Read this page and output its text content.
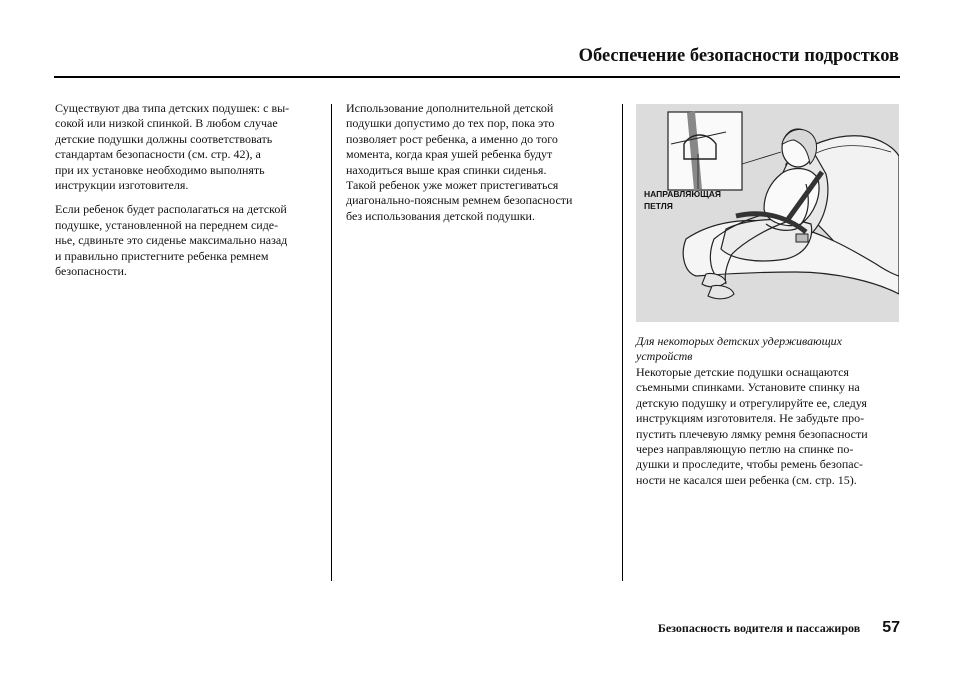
Обеспечение безопасности подростков

Существуют два типа детских подушек: с вы-
сокой или низкой спинкой. В любом случае
детские подушки должны соответствовать
стандартам безопасности (см. стр. 42), а
при их установке необходимо выполнять
инструкции изготовителя.

Если ребенок будет располагаться на детской
подушке, установленной на переднем сиде-
нье, сдвиньте это сиденье максимально назад
и правильно пристегните ребенка ремнем
безопасности.

Использование дополнительной детской
подушки допустимо до тех пор, пока это
позволяет рост ребенка, а именно до того
момента, когда края ушей ребенка будут
находиться выше края спинки сиденья.
Такой ребенок уже может пристегиваться
диагонально-поясным ремнем безопасности
без использования детской подушки.

НАПРАВЛЯЮЩАЯ
ПЕТЛЯ
Для некоторых детских удерживающих
устройств

Некоторые детские подушки оснащаются
съемными спинками. Установите спинку на
детскую подушку и отрегулируйте ее, следуя
инструкциям изготовителя. Не забудьте про-
пустить плечевую лямку ремня безопасности
через направляющую петлю на спинке по-
душки и проследите, чтобы ремень безопас-
ности не касался шеи ребенка (см. стр. 15).

Безопасность водителя и пассажиров 57
